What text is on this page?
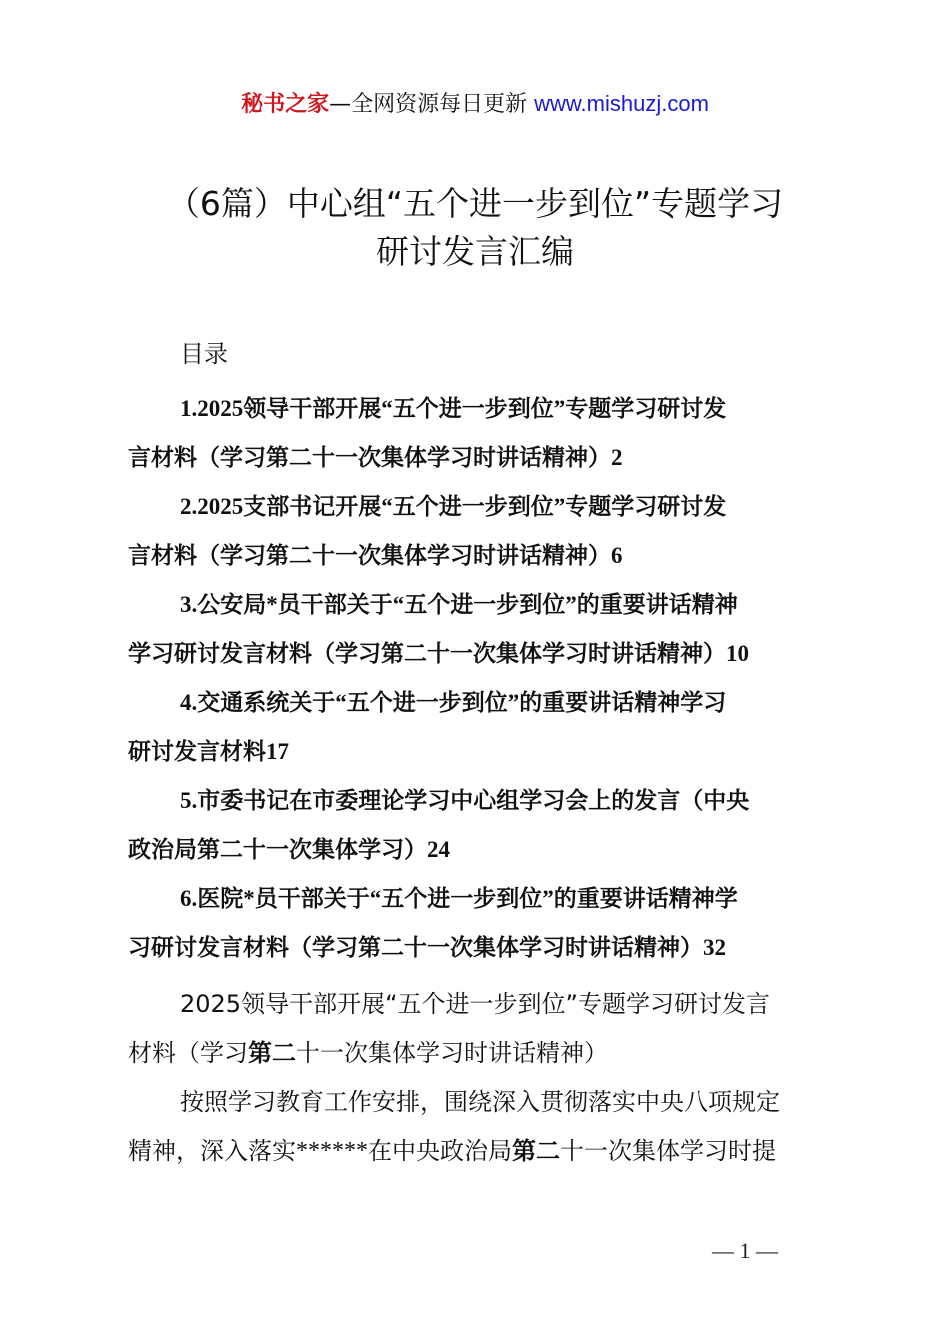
秘书之家—全网资源每日更新 www.mishuzj.com
（6篇）中心组“五个进一步到位”专题学习
研讨发言汇编
目录
1.2025领导干部开展“五个进一步到位”专题学习研讨发
言材料（学习第二十一次集体学习时讲话精神）2
2.2025支部书记开展“五个进一步到位”专题学习研讨发
言材料（学习第二十一次集体学习时讲话精神）6
3.公安局*员干部关于“五个进一步到位”的重要讲话精神
学习研讨发言材料（学习第二十一次集体学习时讲话精神）10
4.交通系统关于“五个进一步到位”的重要讲话精神学习
研讨发言材料17
5.市委书记在市委理论学习中心组学习会上的发言（中央
政治局第二十一次集体学习）24
6.医院*员干部关于“五个进一步到位”的重要讲话精神学
习研讨发言材料（学习第二十一次集体学习时讲话精神）32
2025领导干部开展“五个进一步到位”专题学习研讨发言
材料（学习 第二 十一次集体学习时讲话精神）
按照学习教育工作安排，围绕深入贯彻落实中央八项规定
精神，深入落实 ****** 在中央政治局 第二 十一次集体学习时提
— 1 —
